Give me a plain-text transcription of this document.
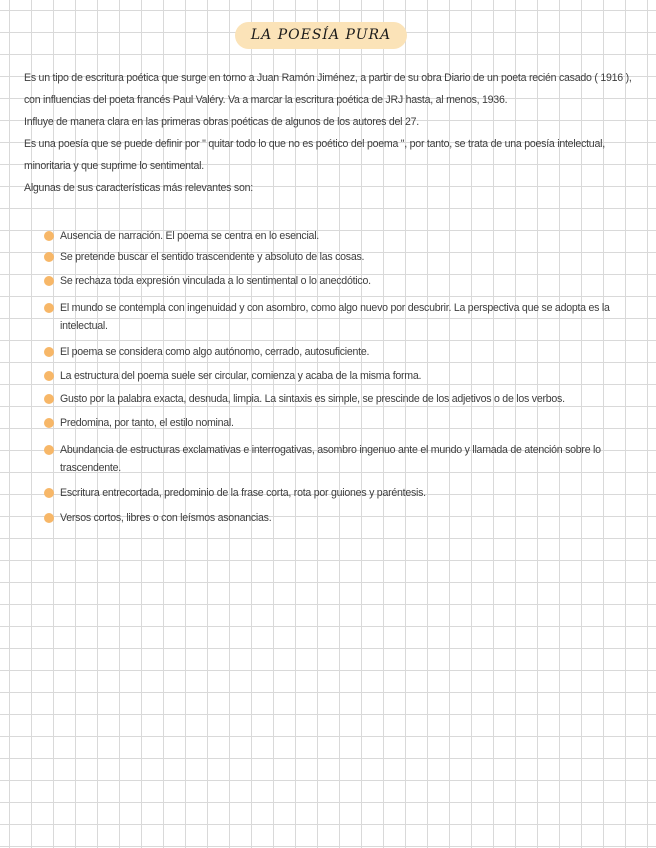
LA POESÍA PURA

Es un tipo de escritura poética que surge en torno a Juan Ramón Jiménez, a partir de su obra Diario de un poeta recién casado ( 1916 ), con influencias del poeta francés Paul Valéry. Va a marcar la escritura poética de JRJ hasta, al menos, 1936.

Influye de manera clara en las primeras obras poéticas de algunos de los autores del 27.

Es una poesía que se puede definir por " quitar todo lo que no es poético del poema ", por tanto, se trata de una poesía intelectual, minoritaria y que suprime lo sentimental.

Algunas de sus características más relevantes son:

Ausencia de narración. El poema se centra en lo esencial.
Se pretende buscar el sentido trascendente y absoluto de las cosas.
Se rechaza toda expresión vinculada a lo sentimental o lo anecdótico.
El mundo se contempla con ingenuidad y con asombro, como algo nuevo por descubrir. La perspectiva que se adopta es la intelectual.
El poema se considera como algo autónomo, cerrado, autosuficiente.
La estructura del poema suele ser circular, comienza y acaba de la misma forma.
Gusto por la palabra exacta, desnuda, limpia. La sintaxis es simple, se prescinde de los adjetivos o de los verbos.
Predomina, por tanto, el estilo nominal.
Abundancia de estructuras exclamativas e interrogativas, asombro ingenuo ante el mundo y llamada de atención sobre lo trascendente.
Escritura entrecortada, predominio de la frase corta, rota por guiones y paréntesis.
Versos cortos, libres o con leísmos asonancias.
